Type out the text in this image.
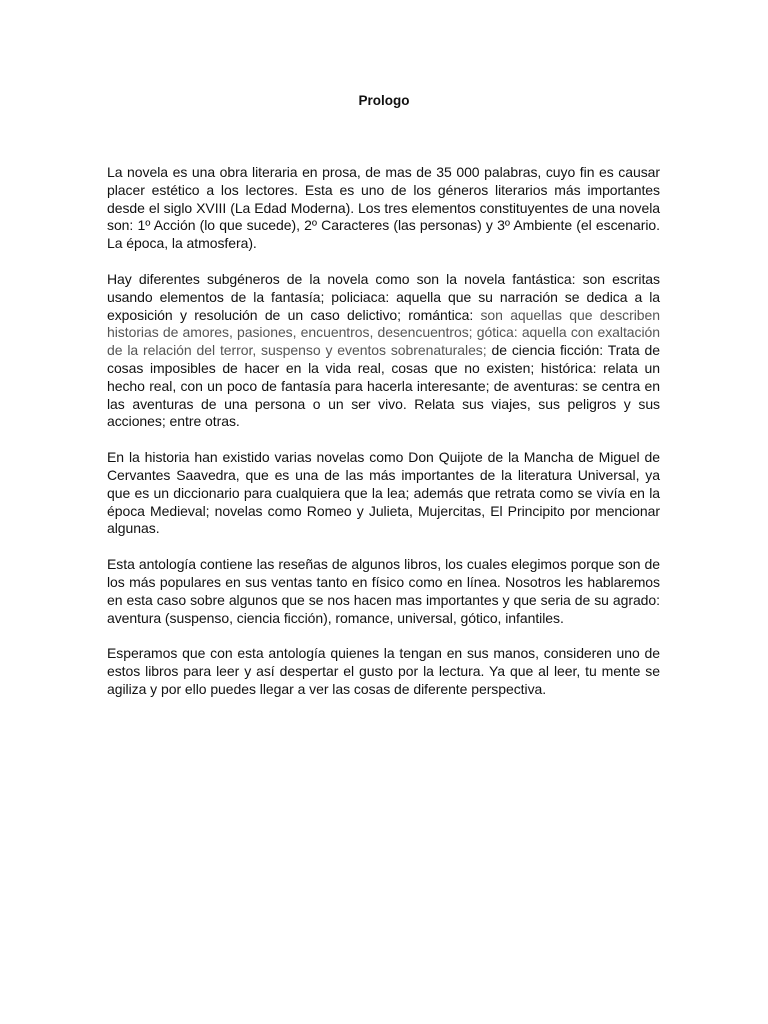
Prologo

La novela es una obra literaria en prosa, de mas de 35 000 palabras, cuyo fin es causar placer estético a los lectores. Esta es uno de los géneros literarios más importantes desde el siglo XVIII (La Edad Moderna). Los tres elementos constituyentes de una novela son: 1º Acción (lo que sucede), 2º Caracteres (las personas) y 3º Ambiente (el escenario. La época, la atmosfera).

Hay diferentes subgéneros de la novela como son la novela fantástica: son escritas usando elementos de la fantasía; policiaca: aquella que su narración se dedica a la exposición y resolución de un caso delictivo; romántica: son aquellas que describen historias de amores, pasiones, encuentros, desencuentros; gótica: aquella con exaltación de la relación del terror, suspenso y eventos sobrenaturales; de ciencia ficción: Trata de cosas imposibles de hacer en la vida real, cosas que no existen; histórica: relata un hecho real, con un poco de fantasía para hacerla interesante; de aventuras: se centra en las aventuras de una persona o un ser vivo. Relata sus viajes, sus peligros y sus acciones; entre otras.

En la historia han existido varias novelas como Don Quijote de la Mancha de Miguel de Cervantes Saavedra, que es una de las más importantes de la literatura Universal, ya que es un diccionario para cualquiera que la lea; además que retrata como se vivía en la época Medieval; novelas como Romeo y Julieta, Mujercitas, El Principito por mencionar algunas.

Esta antología contiene las reseñas de algunos libros, los cuales elegimos porque son de los más populares en sus ventas tanto en físico como en línea. Nosotros les hablaremos en esta caso sobre algunos que se nos hacen mas importantes y que seria de su agrado: aventura (suspenso, ciencia ficción), romance, universal, gótico, infantiles.

Esperamos que con esta antología quienes la tengan en sus manos, consideren uno de estos libros para leer y así despertar el gusto por la lectura. Ya que al leer, tu mente se agiliza y por ello puedes llegar a ver las cosas de diferente perspectiva.
